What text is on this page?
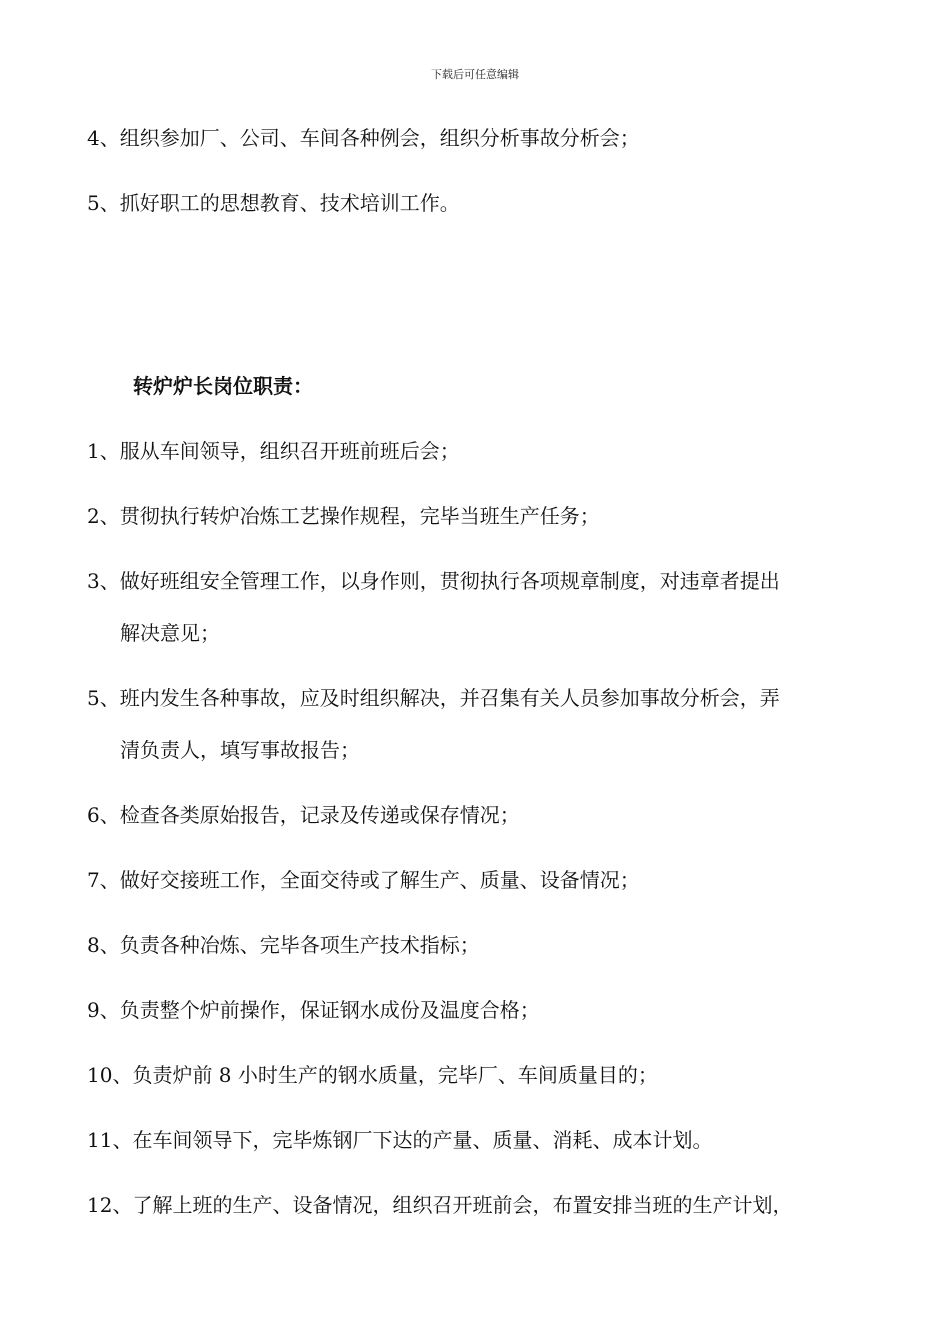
下载后可任意编辑
4、组织参加厂、公司、车间各种例会，组织分析事故分析会；
5、抓好职工的思想教育、技术培训工作。
转炉炉长岗位职责：
1、服从车间领导，组织召开班前班后会；
2、贯彻执行转炉冶炼工艺操作规程，完毕当班生产任务；
3、做好班组安全管理工作，以身作则，贯彻执行各项规章制度，对违章者提出
解决意见；
5、班内发生各种事故，应及时组织解决，并召集有关人员参加事故分析会，弄
清负责人，填写事故报告；
6、检查各类原始报告，记录及传递或保存情况；
7、做好交接班工作，全面交待或了解生产、质量、设备情况；
8、负责各种冶炼、完毕各项生产技术指标；
9、负责整个炉前操作，保证钢水成份及温度合格；
10、负责炉前 8 小时生产的钢水质量，完毕厂、车间质量目的；
11、在车间领导下，完毕炼钢厂下达的产量、质量、消耗、成本计划。
12、了解上班的生产、设备情况，组织召开班前会，布置安排当班的生产计划，
